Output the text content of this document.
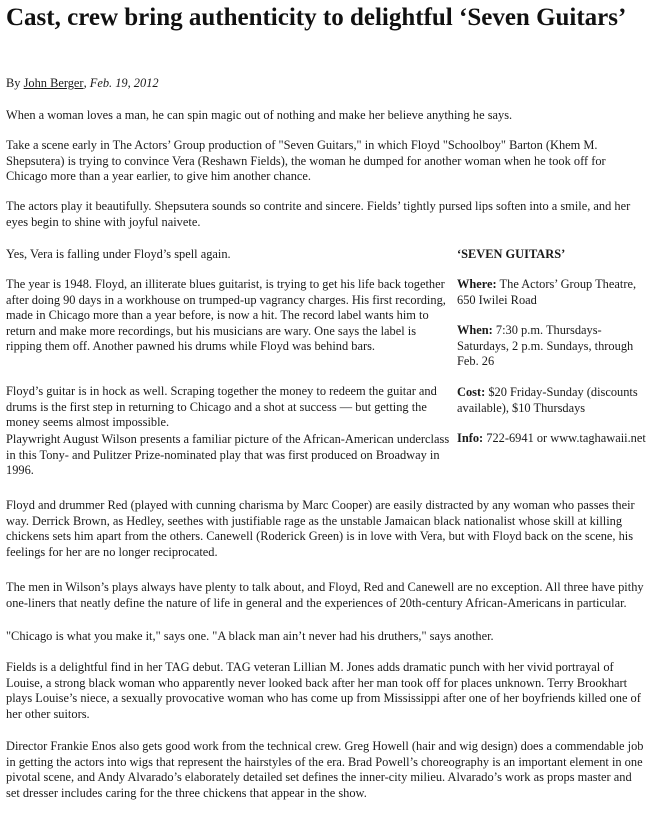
Cast, crew bring authenticity to delightful ‘Seven Guitars’
By John Berger, Feb. 19, 2012

When a woman loves a man, he can spin magic out of nothing and make her believe anything he says.

Take a scene early in The Actors’ Group production of "Seven Guitars," in which Floyd "Schoolboy" Barton (Khem M. Shepsutera) is trying to convince Vera (Reshawn Fields), the woman he dumped for another woman when he took off for Chicago more than a year earlier, to give him another chance.

The actors play it beautifully. Shepsutera sounds so contrite and sincere. Fields’ tightly pursed lips soften into a smile, and her eyes begin to shine with joyful naivete.

Yes, Vera is falling under Floyd’s spell again.

The year is 1948. Floyd, an illiterate blues guitarist, is trying to get his life back together after doing 90 days in a workhouse on trumped-up vagrancy charges. His first recording, made in Chicago more than a year before, is now a hit. The record label wants him to return and make more recordings, but his musicians are wary. One says the label is ripping them off. Another pawned his drums while Floyd was behind bars.

Floyd’s guitar is in hock as well. Scraping together the money to redeem the guitar and drums is the first step in returning to Chicago and a shot at success — but getting the money seems almost impossible.

Playwright August Wilson presents a familiar picture of the African-American underclass in this Tony- and Pulitzer Prize-nominated play that was first produced on Broadway in 1996.

Floyd and drummer Red (played with cunning charisma by Marc Cooper) are easily distracted by any woman who passes their way. Derrick Brown, as Hedley, seethes with justifiable rage as the unstable Jamaican black nationalist whose skill at killing chickens sets him apart from the others. Canewell (Roderick Green) is in love with Vera, but with Floyd back on the scene, his feelings for her are no longer reciprocated.

The men in Wilson’s plays always have plenty to talk about, and Floyd, Red and Canewell are no exception. All three have pithy one-liners that neatly define the nature of life in general and the experiences of 20th-century African-Americans in particular.

"Chicago is what you make it," says one. "A black man ain’t never had his druthers," says another.

Fields is a delightful find in her TAG debut. TAG veteran Lillian M. Jones adds dramatic punch with her vivid portrayal of Louise, a strong black woman who apparently never looked back after her man took off for places unknown. Terry Brookhart plays Louise’s niece, a sexually provocative woman who has come up from Mississippi after one of her boyfriends killed one of her other suitors.

Director Frankie Enos also gets good work from the technical crew. Greg Howell (hair and wig design) does a commendable job in getting the actors into wigs that represent the hairstyles of the era. Brad Powell’s choreography is an important element in one pivotal scene, and Andy Alvarado’s elaborately detailed set defines the inner-city milieu. Alvarado’s work as props master and set dresser includes caring for the three chickens that appear in the show.

‘SEVEN GUITARS’
Where: The Actors’ Group Theatre, 650 Iwilei Road
When: 7:30 p.m. Thursdays-Saturdays, 2 p.m. Sundays, through Feb. 26
Cost: $20 Friday-Sunday (discounts available), $10 Thursdays
Info: 722-6941 or www.taghawaii.net
